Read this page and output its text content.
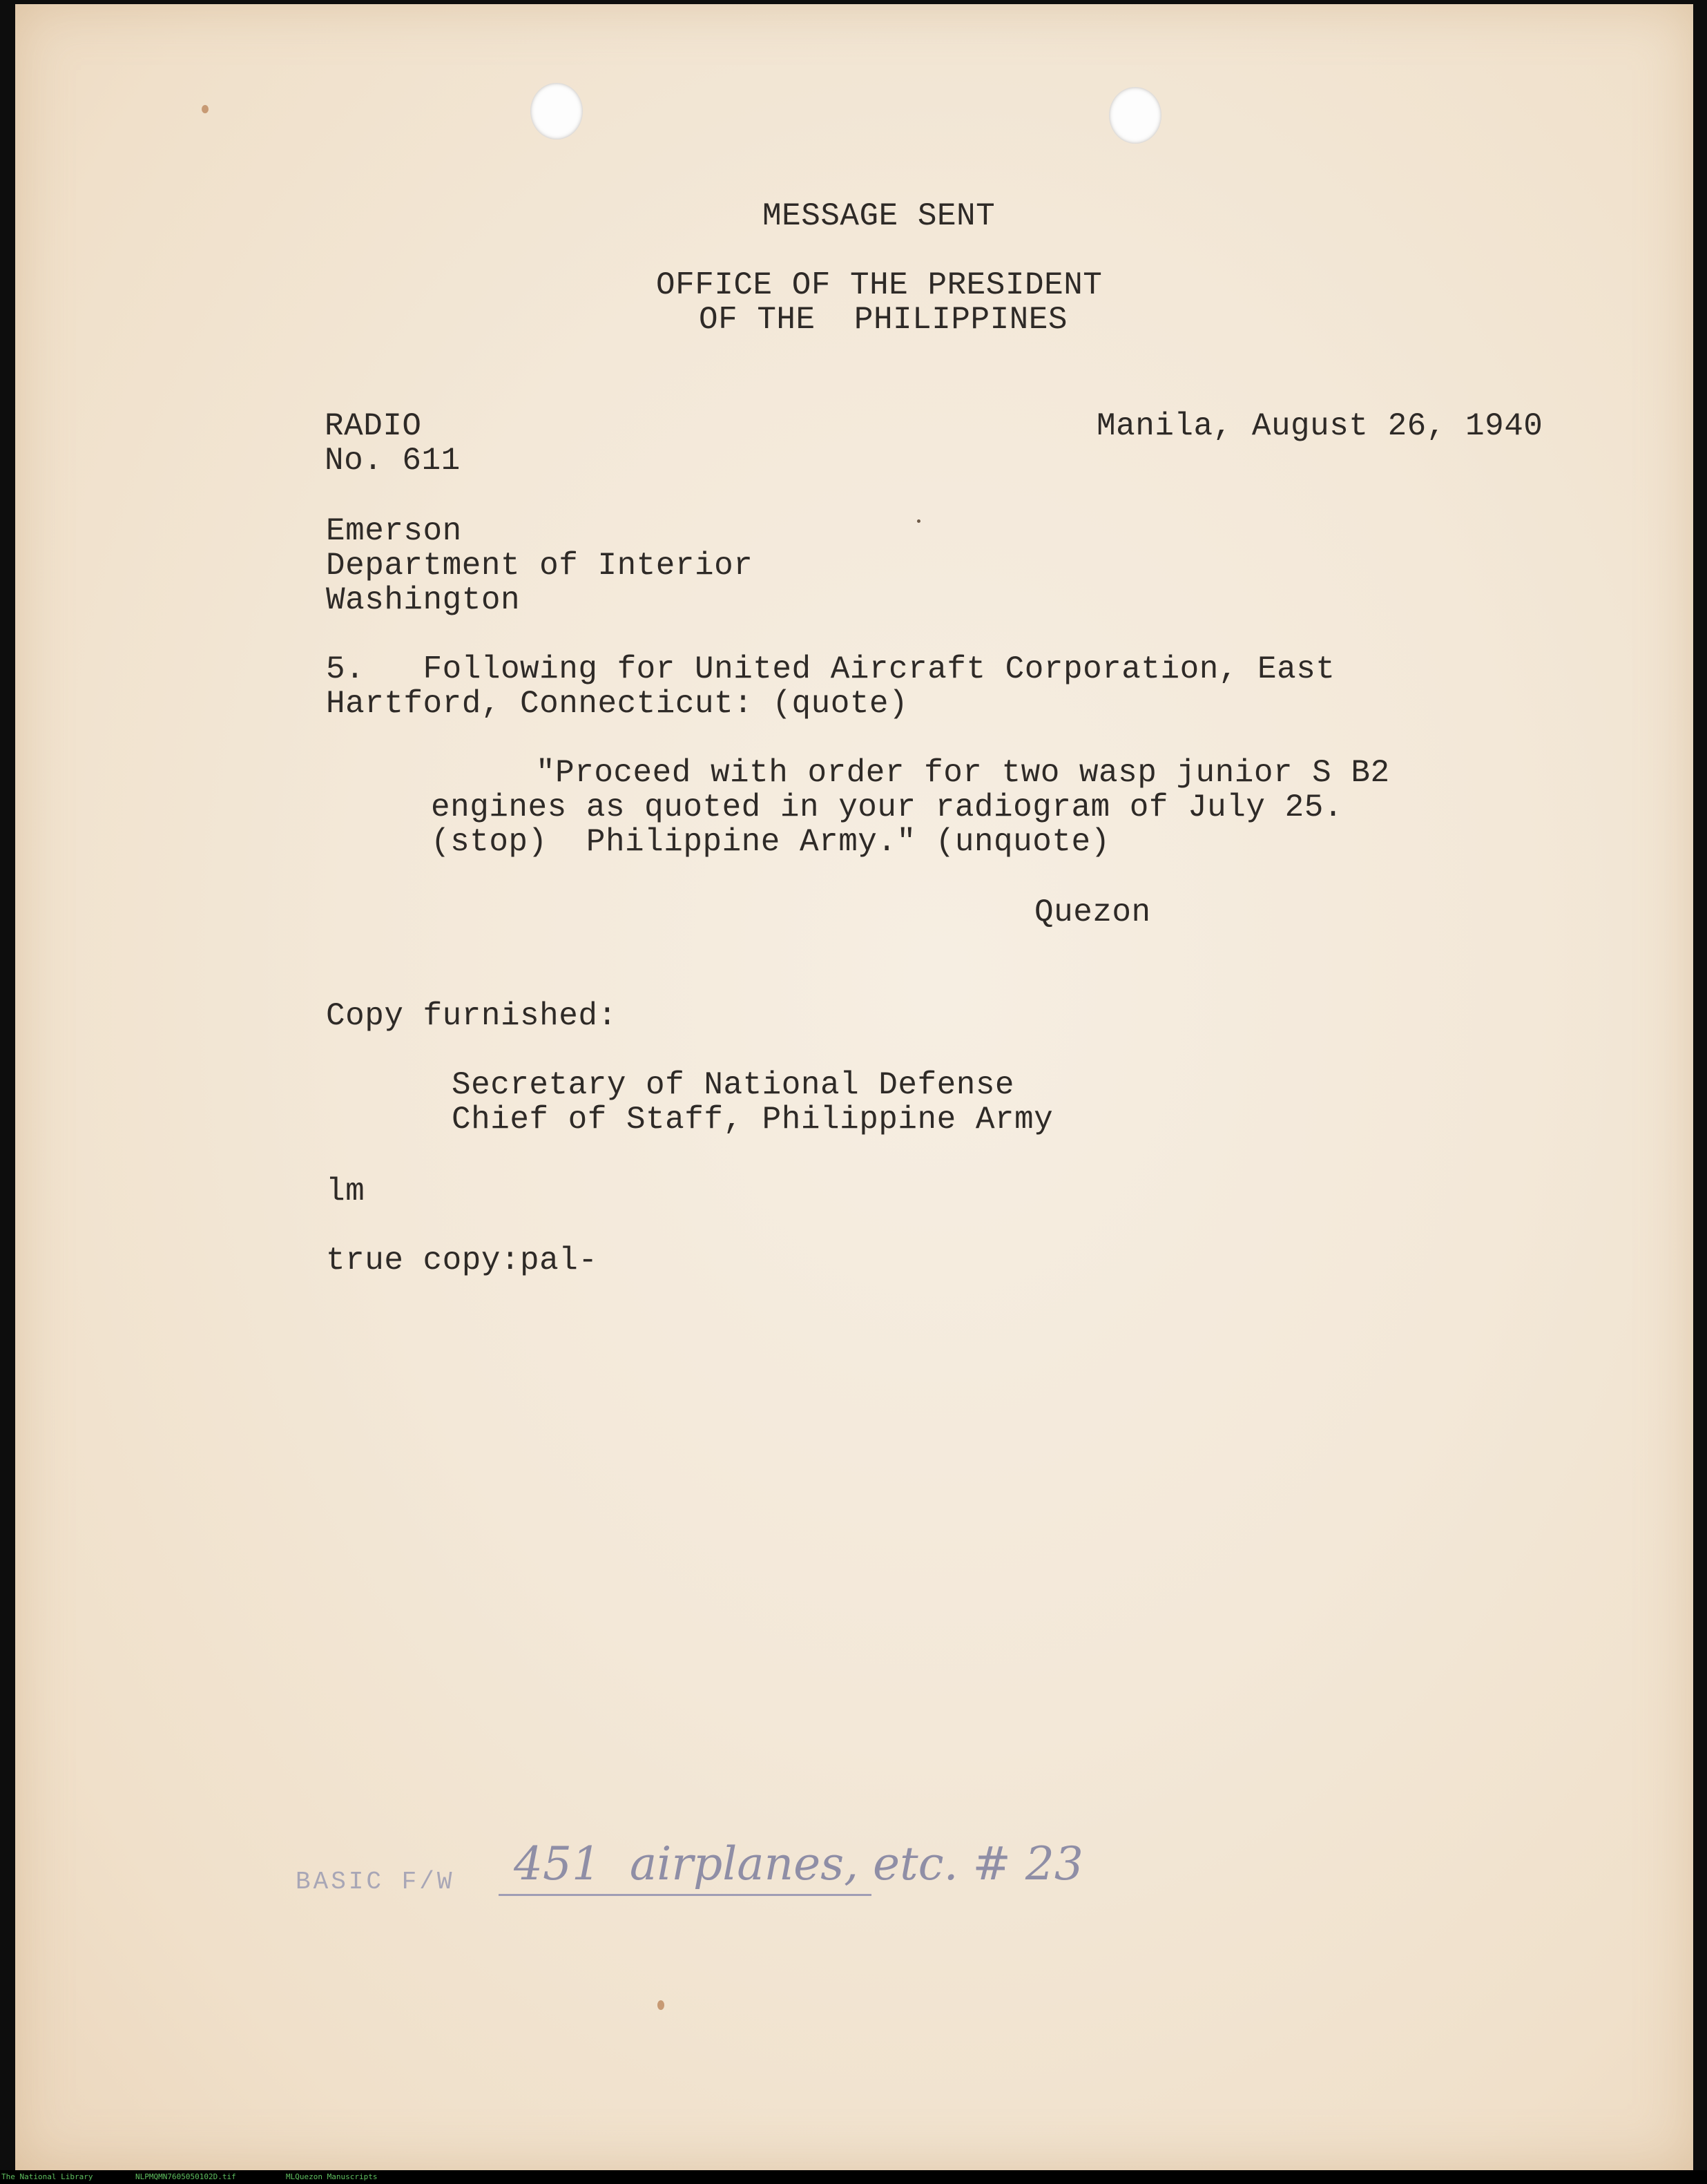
MESSAGE SENT
OFFICE OF THE PRESIDENT
OF THE  PHILIPPINES
RADIO
No. 611
Manila, August 26, 1940
Emerson
Department of Interior
Washington
5.   Following for United Aircraft Corporation, East
Hartford, Connecticut: (quote)
"Proceed with order for two wasp junior S B2
engines as quoted in your radiogram of July 25.
(stop)  Philippine Army." (unquote)
Quezon
Copy furnished:
Secretary of National Defense
Chief of Staff, Philippine Army
lm
true copy:pal-
BASIC F/W 451  airplanes, etc. # 23
The National Library	NLPMQMN7605050102D.tif	MLQuezon Manuscripts
